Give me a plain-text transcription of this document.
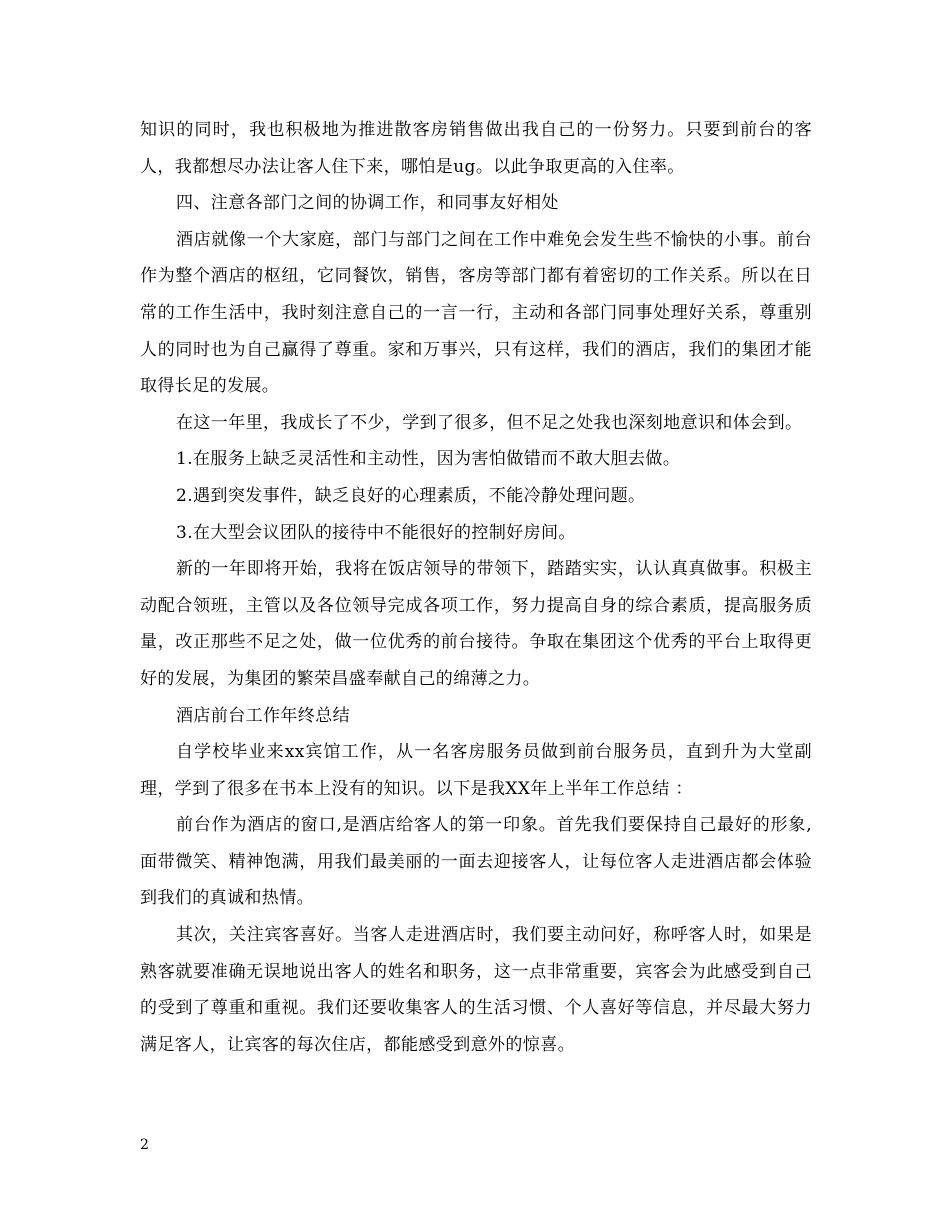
知识的同时，我也积极地为推进散客房销售做出我自己的一份努力。只要到前台的客人，我都想尽办法让客人住下来，哪怕是ug。以此争取更高的入住率。

四、注意各部门之间的协调工作，和同事友好相处

酒店就像一个大家庭，部门与部门之间在工作中难免会发生些不愉快的小事。前台作为整个酒店的枢纽，它同餐饮，销售，客房等部门都有着密切的工作关系。所以在日常的工作生活中，我时刻注意自己的一言一行，主动和各部门同事处理好关系，尊重别人的同时也为自己赢得了尊重。家和万事兴，只有这样，我们的酒店，我们的集团才能取得长足的发展。

在这一年里，我成长了不少，学到了很多，但不足之处我也深刻地意识和体会到。

1.在服务上缺乏灵活性和主动性，因为害怕做错而不敢大胆去做。

2.遇到突发事件，缺乏良好的心理素质，不能冷静处理问题。

3.在大型会议团队的接待中不能很好的控制好房间。

新的一年即将开始，我将在饭店领导的带领下，踏踏实实，认认真真做事。积极主动配合领班，主管以及各位领导完成各项工作，努力提高自身的综合素质，提高服务质量，改正那些不足之处，做一位优秀的前台接待。争取在集团这个优秀的平台上取得更好的发展，为集团的繁荣昌盛奉献自己的绵薄之力。

酒店前台工作年终总结

自学校毕业来xx宾馆工作，从一名客房服务员做到前台服务员，直到升为大堂副理，学到了很多在书本上没有的知识。以下是我XX年上半年工作总结 ：

前台作为酒店的窗口,是酒店给客人的第一印象。首先我们要保持自己最好的形象,面带微笑、精神饱满，用我们最美丽的一面去迎接客人，让每位客人走进酒店都会体验到我们的真诚和热情。

其次，关注宾客喜好。当客人走进酒店时，我们要主动问好，称呼客人时，如果是熟客就要准确无误地说出客人的姓名和职务，这一点非常重要，宾客会为此感受到自己的受到了尊重和重视。我们还要收集客人的生活习惯、个人喜好等信息，并尽最大努力满足客人，让宾客的每次住店，都能感受到意外的惊喜。

2
